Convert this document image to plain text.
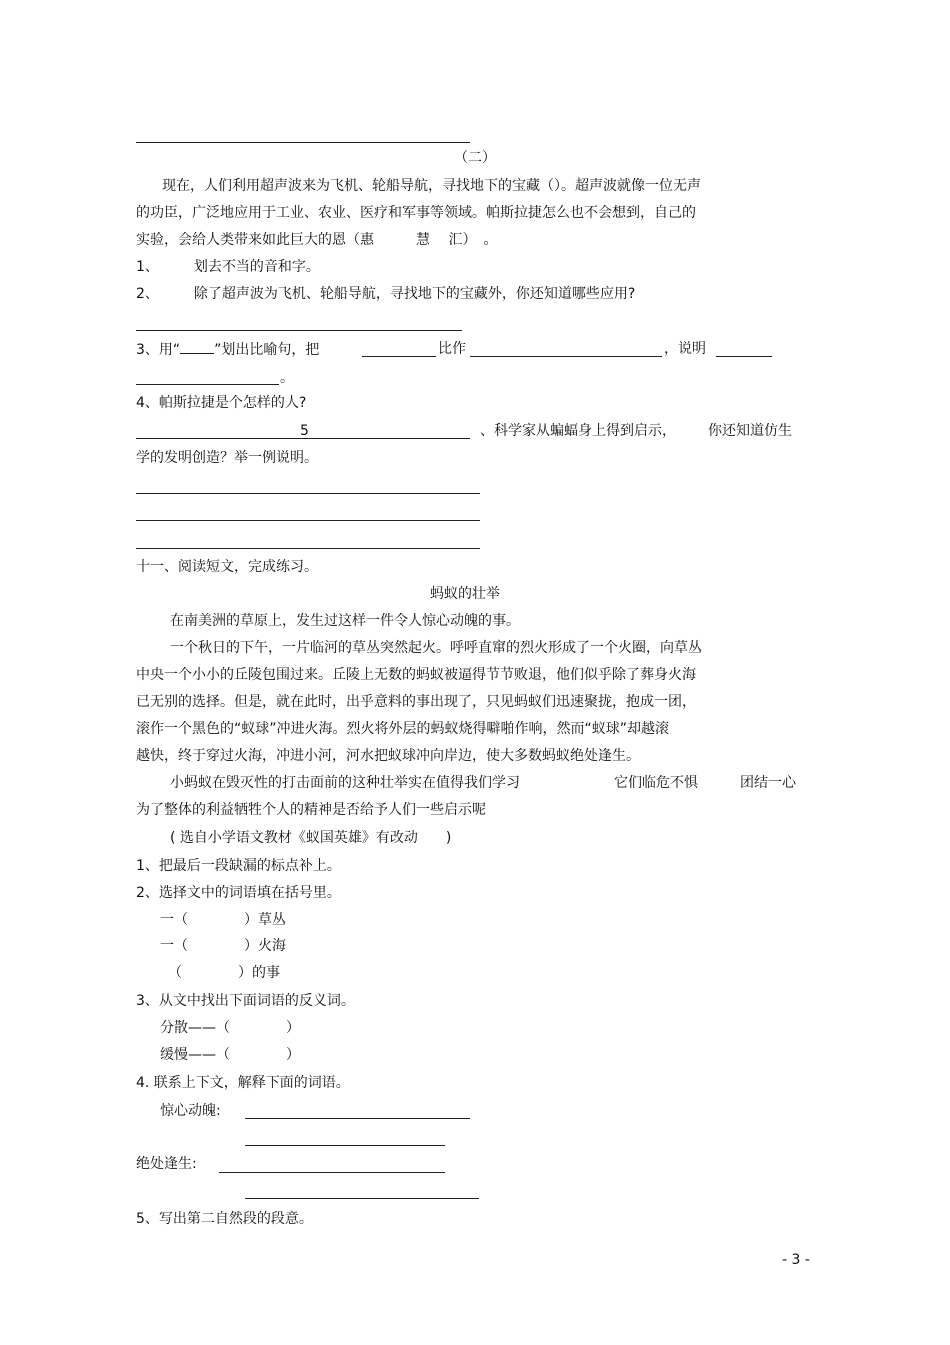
（二）
现在，人们利用超声波来为飞机、轮船导航，寻找地下的宝藏（）。超声波就像一位无声
的功臣，广泛地应用于工业、农业、医疗和军事等领域。帕斯拉捷怎么也不会想到，自己的
实验，会给人类带来如此巨大的恩（惠　　　慧　 汇）　。
1、　　　划去不当的音和字。
2、　　　除了超声波为飞机、轮船导航，寻找地下的宝藏外，你还知道哪些应用?
3、用“ ”划出比喻句，把	比作	，说明
。
4、帕斯拉捷是个怎样的人?
5	、科学家从蝙蝠身上得到启示， 你还知道仿生
学的发明创造？举一例说明。
十一、阅读短文，完成练习。
蚂蚁的壮举
在南美洲的草原上，发生过这样一件令人惊心动魄的事。
一个秋日的下午，一片临河的草丛突然起火。呼呼直窜的烈火形成了一个火圈，向草丛
中央一个小小的丘陵包围过来。丘陵上无数的蚂蚁被逼得节节败退，他们似乎除了葬身火海
已无别的选择。但是，就在此时，出乎意料的事出现了，只见蚂蚁们迅速聚拢，抱成一团，
滚作一个黑色的“蚁球”冲进火海。烈火将外层的蚂蚁烧得噼啪作响，然而“蚁球”却越滚
越快，终于穿过火海，冲进小河，河水把蚁球冲向岸边，使大多数蚂蚁绝处逢生。
小蚂蚁在毁灭性的打击面前的这种壮举实在值得我们学习	它们临危不惧	团结一心
为了整体的利益牺牲个人的精神是否给予人们一些启示呢
( 选自小学语文教材《蚁国英雄》有改动　　)
1、把最后一段缺漏的标点补上。
2、选择文中的词语填在括号里。
一（　　　　）草丛
一（　　　　）火海
（　　　　）的事
3、从文中找出下面词语的反义词。
分散——（　　　　）
缓慢——（　　　　）
4. 联系上下文，解释下面的词语。
惊心动魄:
绝处逢生:
5、写出第二自然段的段意。
- 3 -
